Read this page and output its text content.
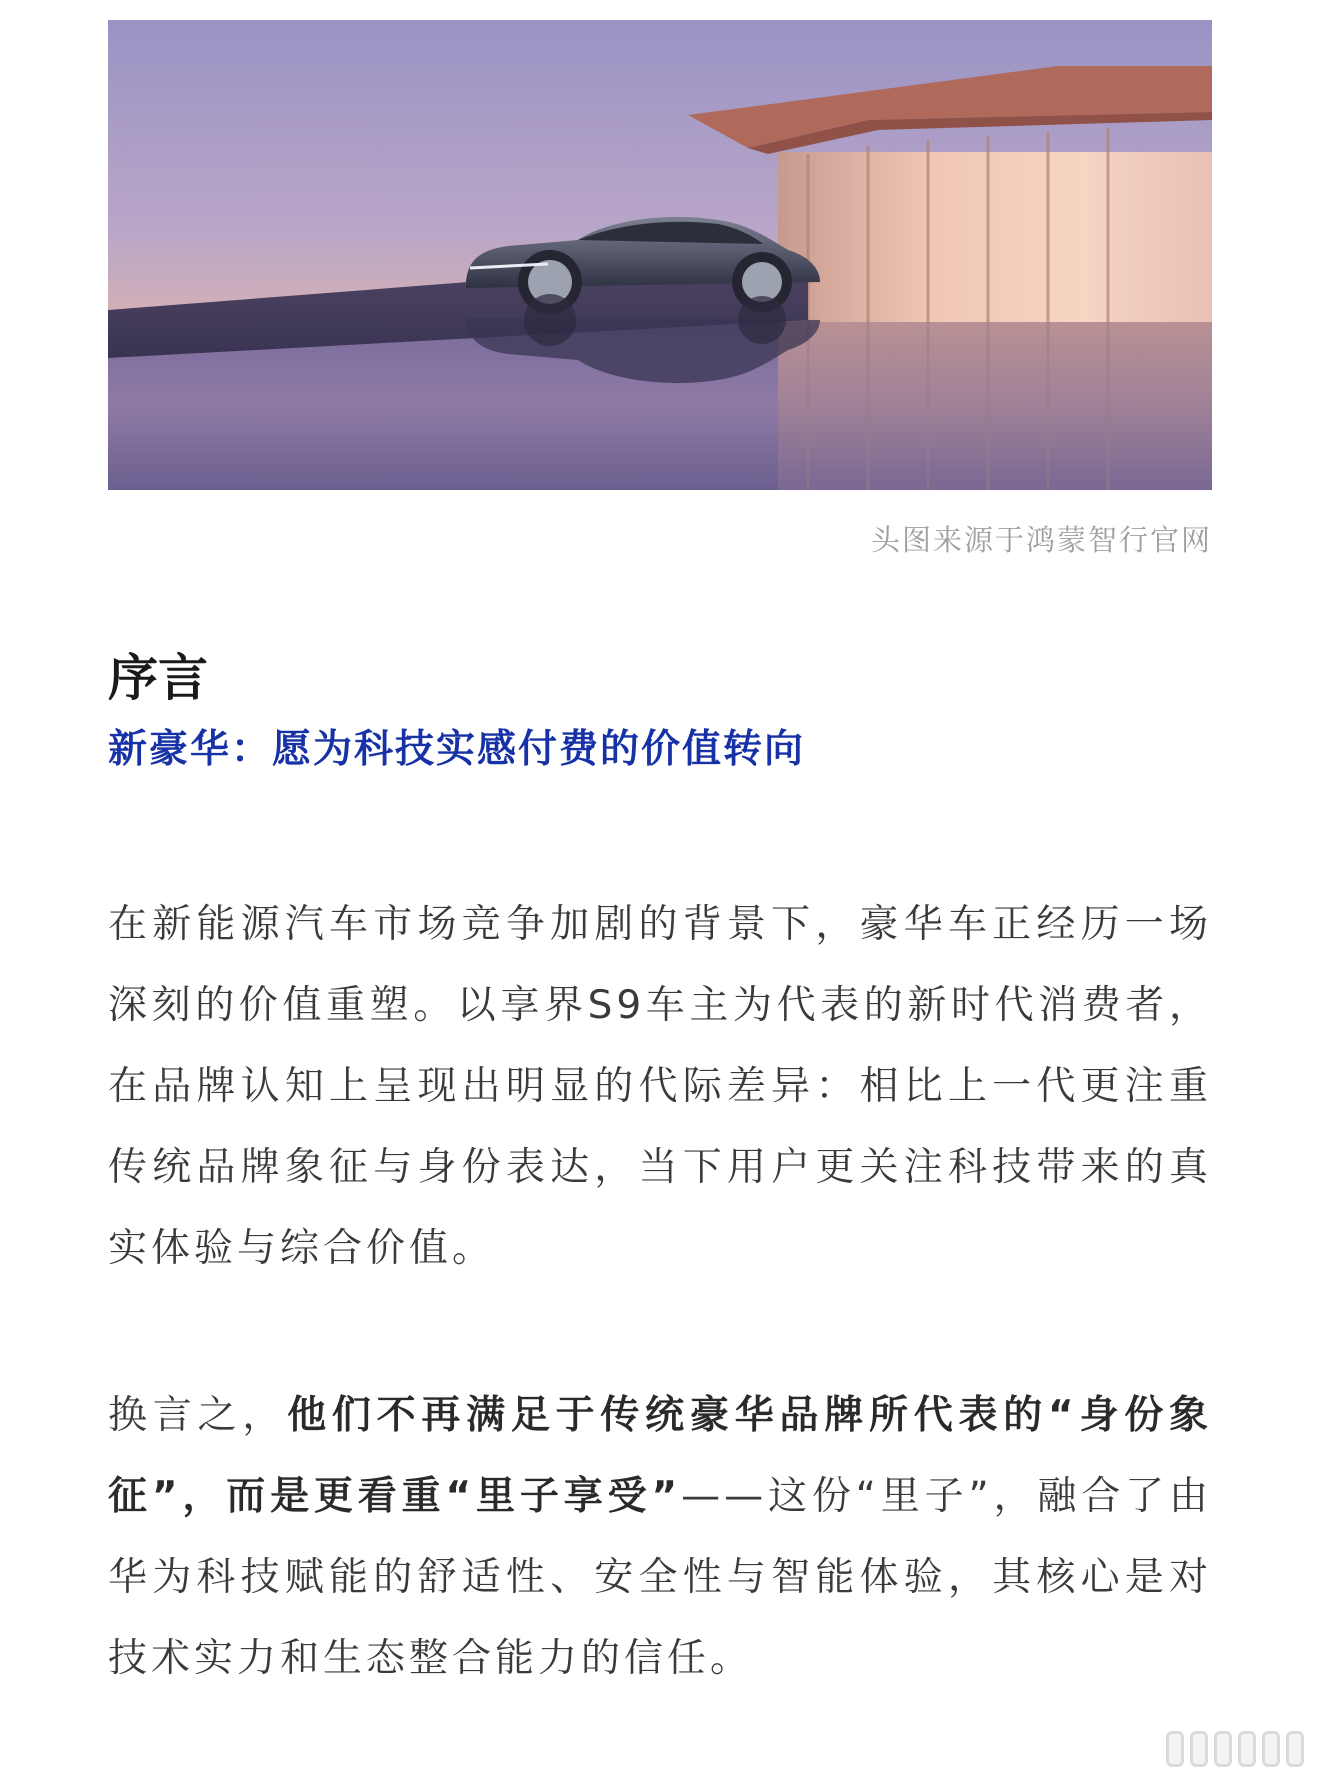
头图来源于鸿蒙智行官网
序言
新豪华：愿为科技实感付费的价值转向

在新能源汽车市场竞争加剧的背景下，豪华车正经历一场深刻的价值重塑。以享界S9车主为代表的新时代消费者，在品牌认知上呈现出明显的代际差异：相比上一代更注重传统品牌象征与身份表达，当下用户更关注科技带来的真实体验与综合价值。

换言之，他们不再满足于传统豪华品牌所代表的“身份象征”，而是更看重“里子享受”——这份“里子”，融合了由华为科技赋能的舒适性、安全性与智能体验，其核心是对技术实力和生态整合能力的信任。
